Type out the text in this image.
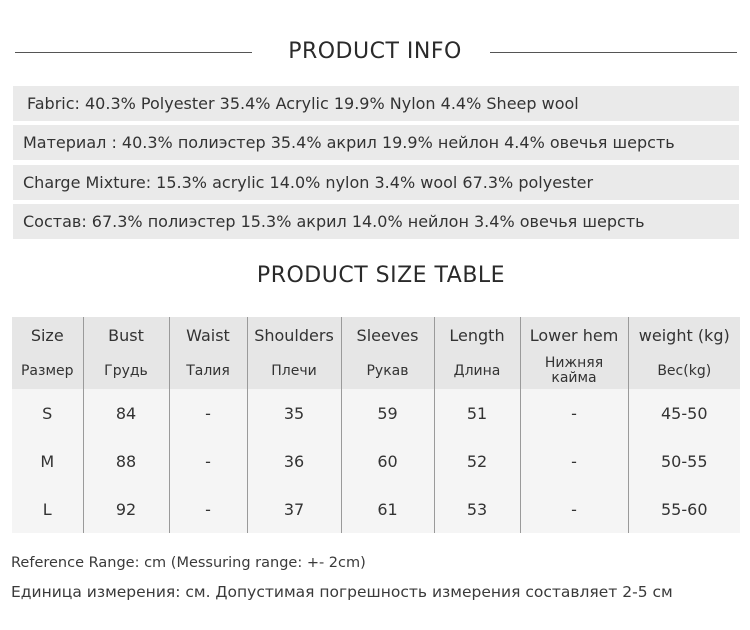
PRODUCT INFO
Fabric: 40.3% Polyester 35.4% Acrylic 19.9% Nylon 4.4% Sheep wool
Материал : 40.3% полиэстер 35.4% акрил 19.9% нейлон 4.4% овечья шерсть
Charge Mixture: 15.3% acrylic 14.0% nylon 3.4% wool 67.3% polyester
Состав: 67.3% полиэстер 15.3% акрил 14.0% нейлон 3.4% овечья шерсть
PRODUCT SIZE TABLE
Size	Bust	Waist	Shoulders	Sleeves	Length	Lower hem	weight (kg)
Размер	Грудь	Талия	Плечи	Рукав	Длина	Нижняя кайма	Вес(kg)
S	84	-	35	59	51	-	45-50
M	88	-	36	60	52	-	50-55
L	92	-	37	61	53	-	55-60
Reference Range: cm (Messuring range: +- 2cm)
Единица измерения: см. Допустимая погрешность измерения составляет 2-5 см
